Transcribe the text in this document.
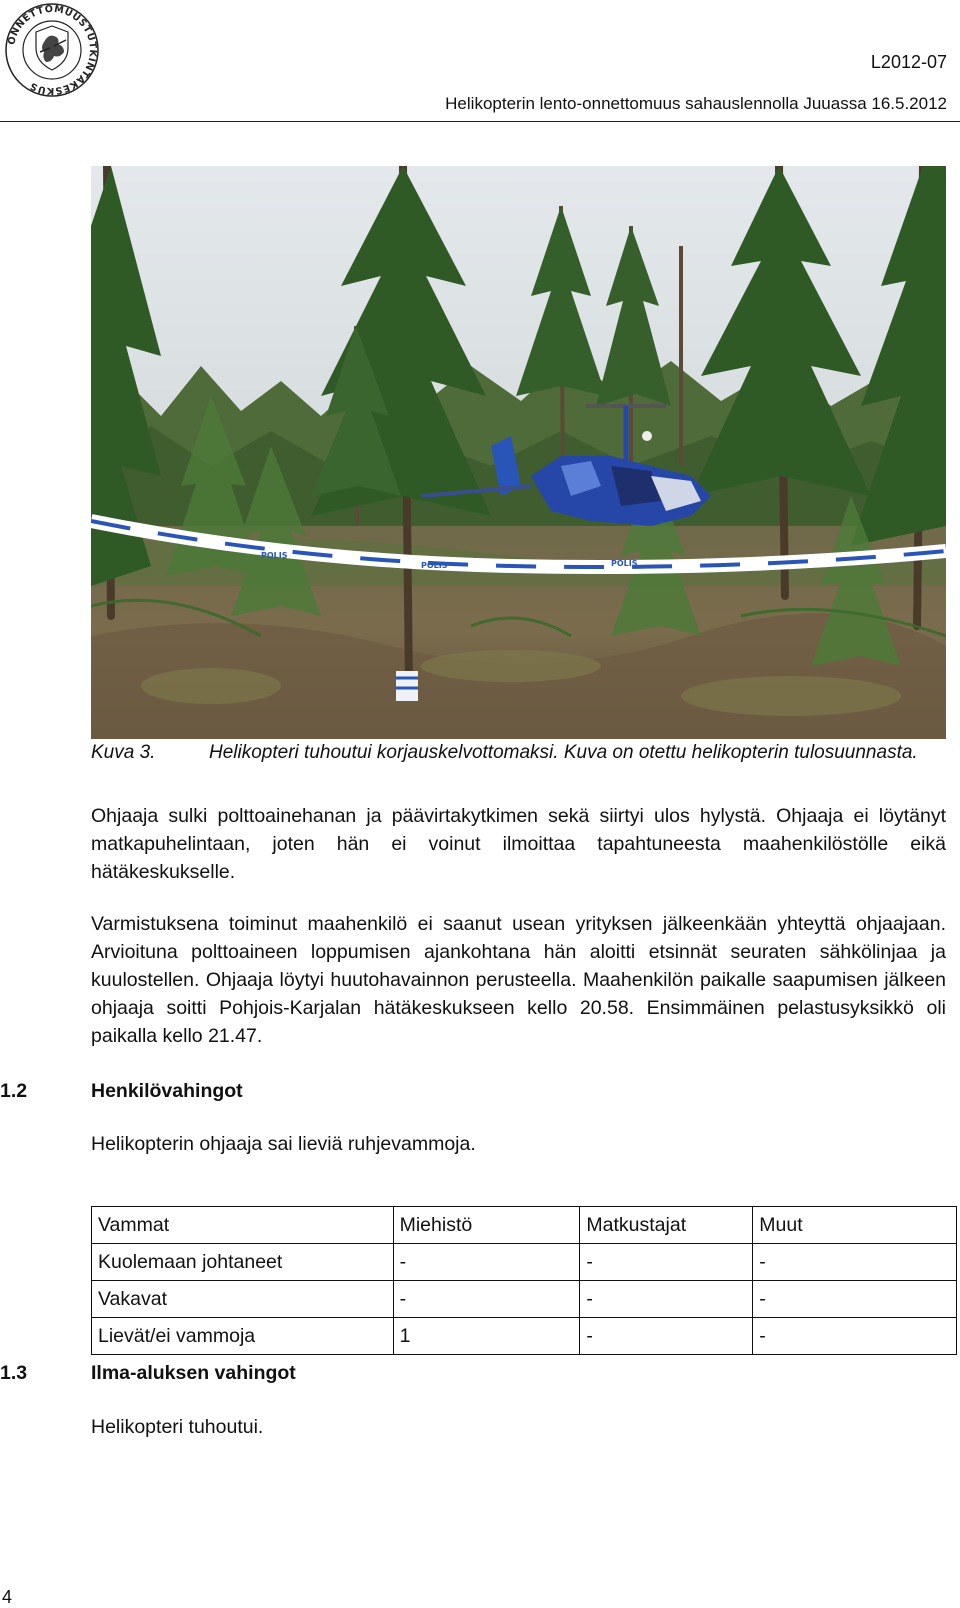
ONNETTOMUUSTUTKINTAKESKUS
L2012-07
Helikopterin lento-onnettomuus sahauslennolla Juuassa 16.5.2012
POLIS
POLIS	POLIS
Kuva 3.	Helikopteri tuhoutui korjauskelvottomaksi. Kuva on otettu helikopterin tulosuunnasta.

Ohjaaja sulki polttoainehanan ja päävirtakytkimen sekä siirtyi ulos hylystä. Ohjaaja ei löytänyt matkapuhelintaan, joten hän ei voinut ilmoittaa tapahtuneesta maahenkilöstölle eikä hätäkeskukselle.

Varmistuksena toiminut maahenkilö ei saanut usean yrityksen jälkeenkään yhteyttä ohjaajaan. Arvioituna polttoaineen loppumisen ajankohtana hän aloitti etsinnät seuraten sähkölinjaa ja kuulostellen. Ohjaaja löytyi huutohavainnon perusteella. Maahenkilön paikalle saapumisen jälkeen ohjaaja soitti Pohjois-Karjalan hätäkeskukseen kello 20.58. Ensimmäinen pelastusyksikkö oli paikalla kello 21.47.

1.2	Henkilövahingot

Helikopterin ohjaaja sai lieviä ruhjevammoja.

Vammat	Miehistö	Matkustajat	Muut
Kuolemaan johtaneet	-	-	-
Vakavat	-	-	-
Lievät/ei vammoja	1	-	-
1.3	Ilma-aluksen vahingot

Helikopteri tuhoutui.

4
